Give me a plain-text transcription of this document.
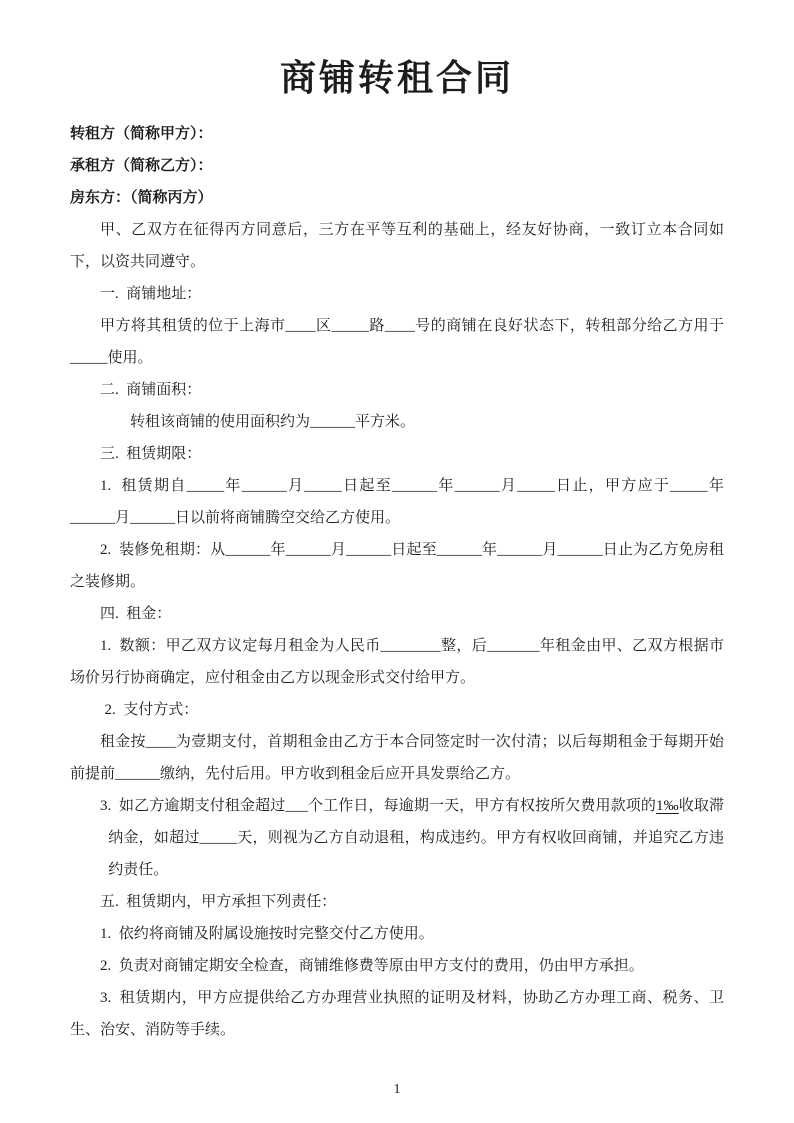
商铺转租合同

转租方（简称甲方）：

承租方（简称乙方）：

房东方：（简称丙方）

甲、乙双方在征得丙方同意后，三方在平等互利的基础上，经友好协商，一致订立本合同如下，以资共同遵守。

一.  商铺地址：

甲方将其租赁的位于上海市____区_____路____号的商铺在良好状态下，转租部分给乙方用于_____使用。

二.  商铺面积：

转租该商铺的使用面积约为______平方米。

三.  租赁期限：

1.  租赁期自_____年______月_____日起至______年______月_____日止，甲方应于_____年______月______日以前将商铺腾空交给乙方使用。

2.  装修免租期：从______年______月______日起至______年______月______日止为乙方免房租之装修期。

四.  租金：

1.  数额：甲乙双方议定每月租金为人民币________整，后_______年租金由甲、乙双方根据市场价另行协商确定，应付租金由乙方以现金形式交付给甲方。

2.  支付方式：

租金按____为壹期支付，首期租金由乙方于本合同签定时一次付清；以后每期租金于每期开始前提前______缴纳，先付后用。甲方收到租金后应开具发票给乙方。

3.  如乙方逾期支付租金超过___个工作日，每逾期一天，甲方有权按所欠费用款项的1‰收取滞纳金，如超过_____天，则视为乙方自动退租，构成违约。甲方有权收回商铺，并追究乙方违约责任。

五.  租赁期内，甲方承担下列责任：

1.  依约将商铺及附属设施按时完整交付乙方使用。

2.  负责对商铺定期安全检查，商铺维修费等原由甲方支付的费用，仍由甲方承担。

3.  租赁期内，甲方应提供给乙方办理营业执照的证明及材料，协助乙方办理工商、税务、卫生、治安、消防等手续。

1
